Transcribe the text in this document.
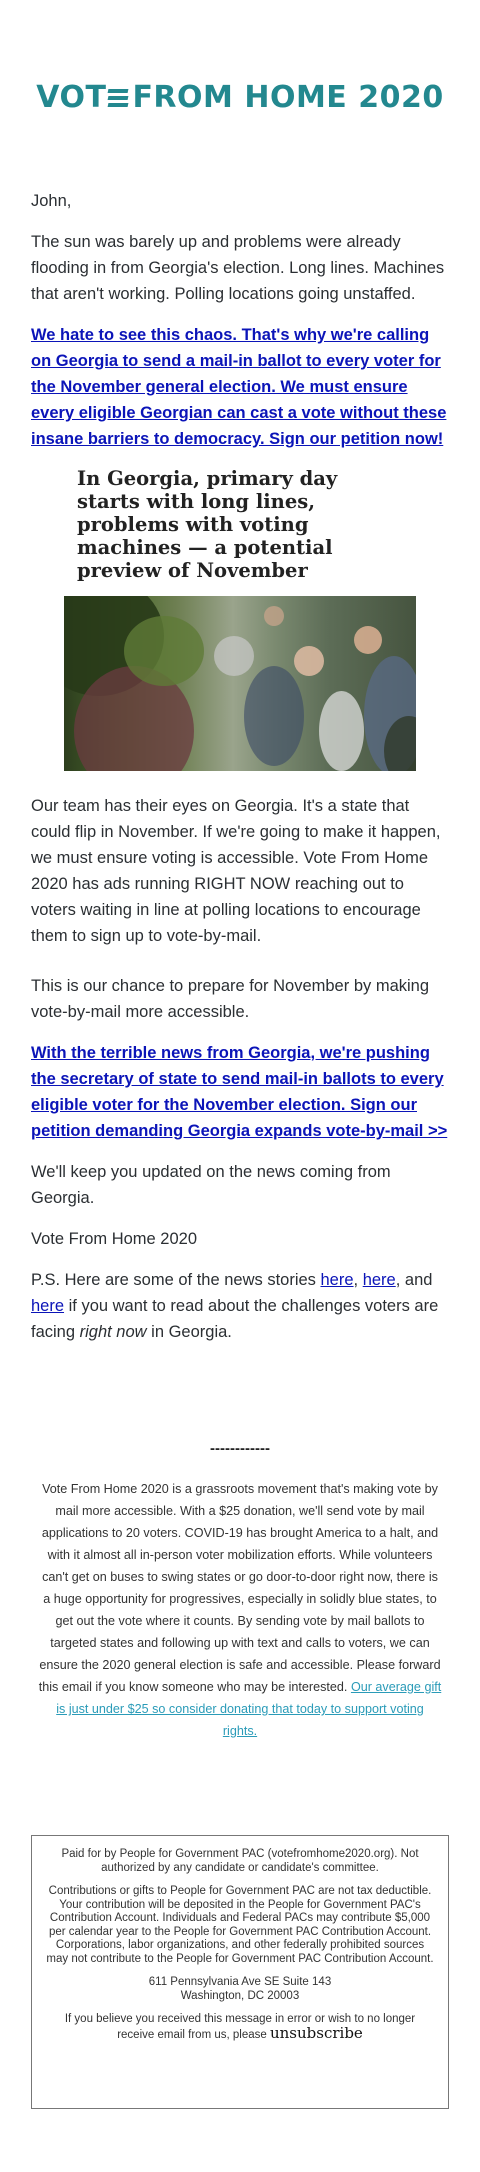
VOT FROM HOME 2020

John,

The sun was barely up and problems were already flooding in from Georgia's election. Long lines. Machines that aren't working. Polling locations going unstaffed.

We hate to see this chaos. That's why we're calling on Georgia to send a mail-in ballot to every voter for the November general election. We must ensure every eligible Georgian can cast a vote without these insane barriers to democracy. Sign our petition now!

In Georgia, primary day starts with long lines, problems with voting machines — a potential preview of November

Our team has their eyes on Georgia. It's a state that could flip in November. If we're going to make it happen, we must ensure voting is accessible. Vote From Home 2020 has ads running RIGHT NOW reaching out to voters waiting in line at polling locations to encourage them to sign up to vote-by-mail.

This is our chance to prepare for November by making vote-by-mail more accessible.

With the terrible news from Georgia, we're pushing the secretary of state to send mail-in ballots to every eligible voter for the November election. Sign our petition demanding Georgia expands vote-by-mail >>

We'll keep you updated on the news coming from Georgia.

Vote From Home 2020

P.S. Here are some of the news stories here, here, and here if you want to read about the challenges voters are facing right now in Georgia.

------------
Vote From Home 2020 is a grassroots movement that's making vote by mail more accessible. With a $25 donation, we'll send vote by mail applications to 20 voters. COVID-19 has brought America to a halt, and with it almost all in-person voter mobilization efforts. While volunteers can't get on buses to swing states or go door-to-door right now, there is a huge opportunity for progressives, especially in solidly blue states, to get out the vote where it counts. By sending vote by mail ballots to targeted states and following up with text and calls to voters, we can ensure the 2020 general election is safe and accessible. Please forward this email if you know someone who may be interested. Our average gift is just under $25 so consider donating that today to support voting rights.

Paid for by People for Government PAC (votefromhome2020.org). Not authorized by any candidate or candidate's committee.

Contributions or gifts to People for Government PAC are not tax deductible. Your contribution will be deposited in the People for Government PAC's Contribution Account. Individuals and Federal PACs may contribute $5,000 per calendar year to the People for Government PAC Contribution Account. Corporations, labor organizations, and other federally prohibited sources may not contribute to the People for Government PAC Contribution Account.

611 Pennsylvania Ave SE Suite 143
Washington, DC 20003

If you believe you received this message in error or wish to no longer receive email from us, please unsubscribe
